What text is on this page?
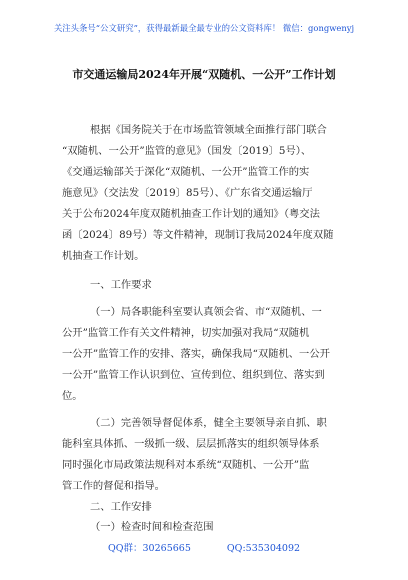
关注头条号“公文研究”，获得最新最全最专业的公文资料库！ 微信：gongwenyj
市交通运输局2024年开展“双随机、一公开”工作计划
根据《国务院关于在市场监管领域全面推行部门联合
“双随机、一公开”监管的意见》（国发〔2019〕5号）、
《交通运输部关于深化“双随机、一公开”监管工作的实
施意见》（交法发〔2019〕85号）、《广东省交通运输厅
关于公布2024年度双随机抽查工作计划的通知》（粤交法
函〔2024〕89号）等文件精神，现制订我局2024年度双随
机抽查工作计划。
一、工作要求
（一）局各职能科室要认真领会省、市“双随机、一
公开”监管工作有关文件精神，切实加强对我局“双随机
一公开”监管工作的安排、落实，确保我局“双随机、一公开
一公开”监管工作认识到位、宣传到位、组织到位、落实到
位。
（二）完善领导督促体系，健全主要领导亲自抓、职
能科室具体抓、一级抓一级、层层抓落实的组织领导体系
同时强化市局政策法规科对本系统“双随机、一公开”监
管工作的督促和指导。
二、工作安排
（一）检查时间和检查范围
QQ群：30265665	QQ:535304092
